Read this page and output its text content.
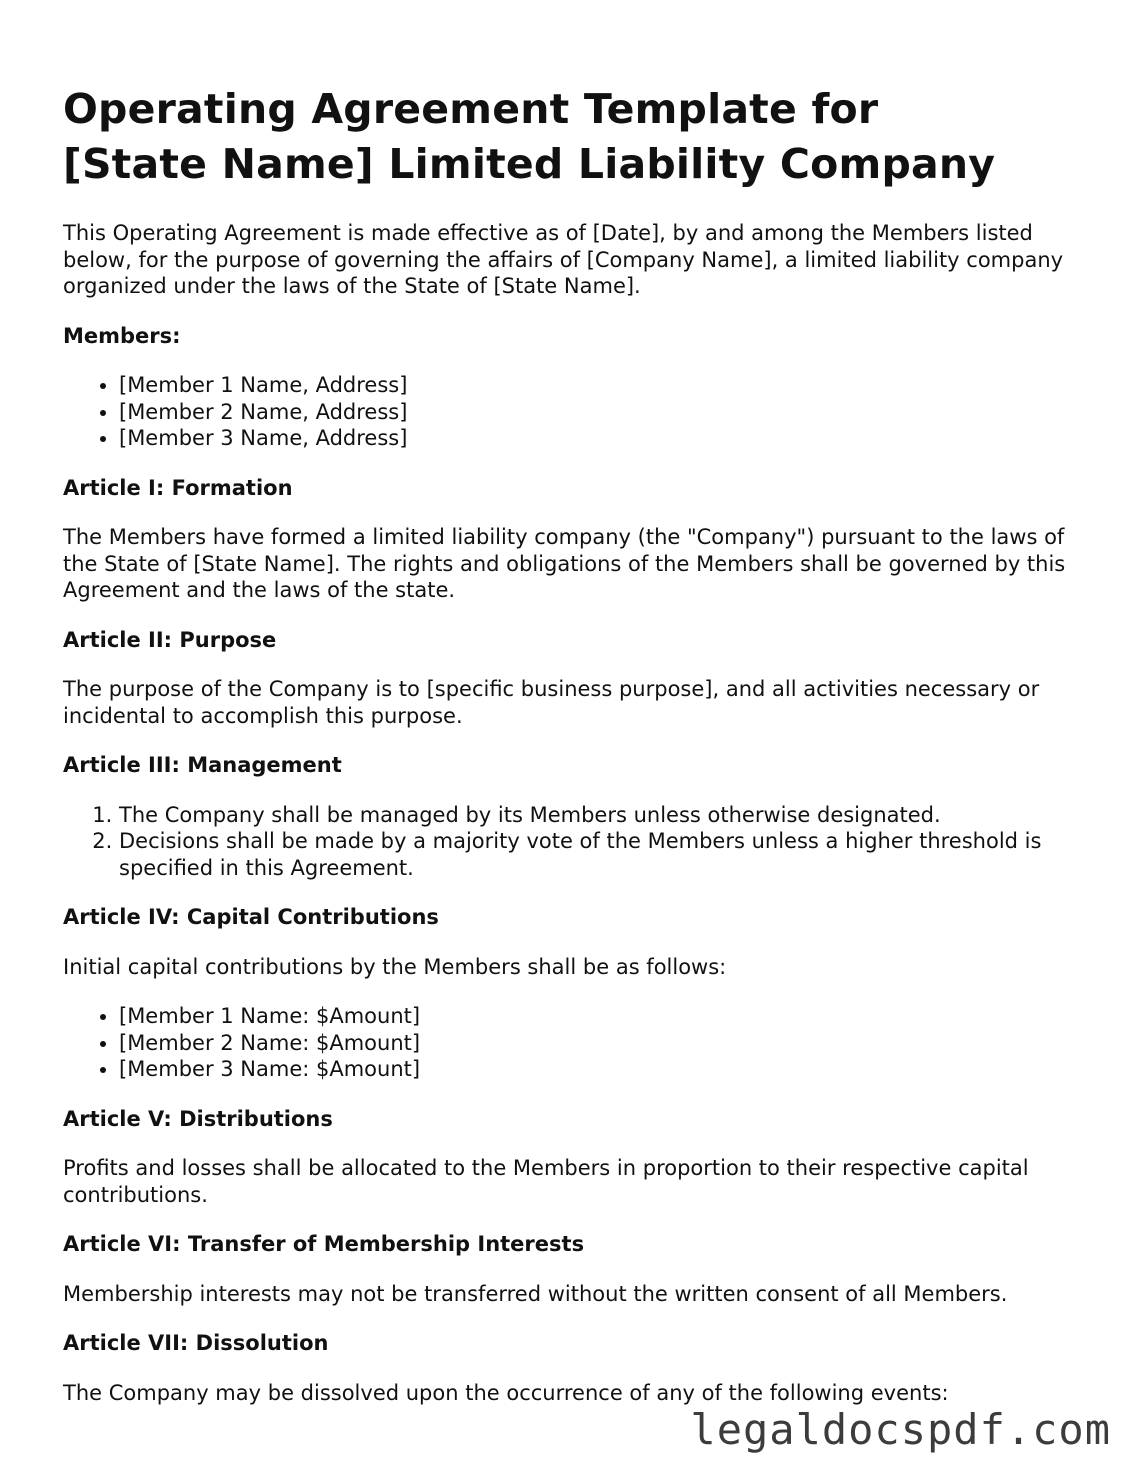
Operating Agreement Template for
[State Name] Limited Liability Company

This Operating Agreement is made effective as of [Date], by and among the Members listed below, for the purpose of governing the affairs of [Company Name], a limited liability company organized under the laws of the State of [State Name].

Members:
• [Member 1 Name, Address]
• [Member 2 Name, Address]
• [Member 3 Name, Address]
Article I: Formation

The Members have formed a limited liability company (the "Company") pursuant to the laws of the State of [State Name]. The rights and obligations of the Members shall be governed by this Agreement and the laws of the state.

Article II: Purpose

The purpose of the Company is to [specific business purpose], and all activities necessary or incidental to accomplish this purpose.

Article III: Management
1. The Company shall be managed by its Members unless otherwise designated.
2. Decisions shall be made by a majority vote of the Members unless a higher threshold is specified in this Agreement.
Article IV: Capital Contributions

Initial capital contributions by the Members shall be as follows:

• [Member 1 Name: $Amount]
• [Member 2 Name: $Amount]
• [Member 3 Name: $Amount]
Article V: Distributions

Profits and losses shall be allocated to the Members in proportion to their respective capital contributions.

Article VI: Transfer of Membership Interests

Membership interests may not be transferred without the written consent of all Members.

Article VII: Dissolution

The Company may be dissolved upon the occurrence of any of the following events:

legaldocspdf.com
